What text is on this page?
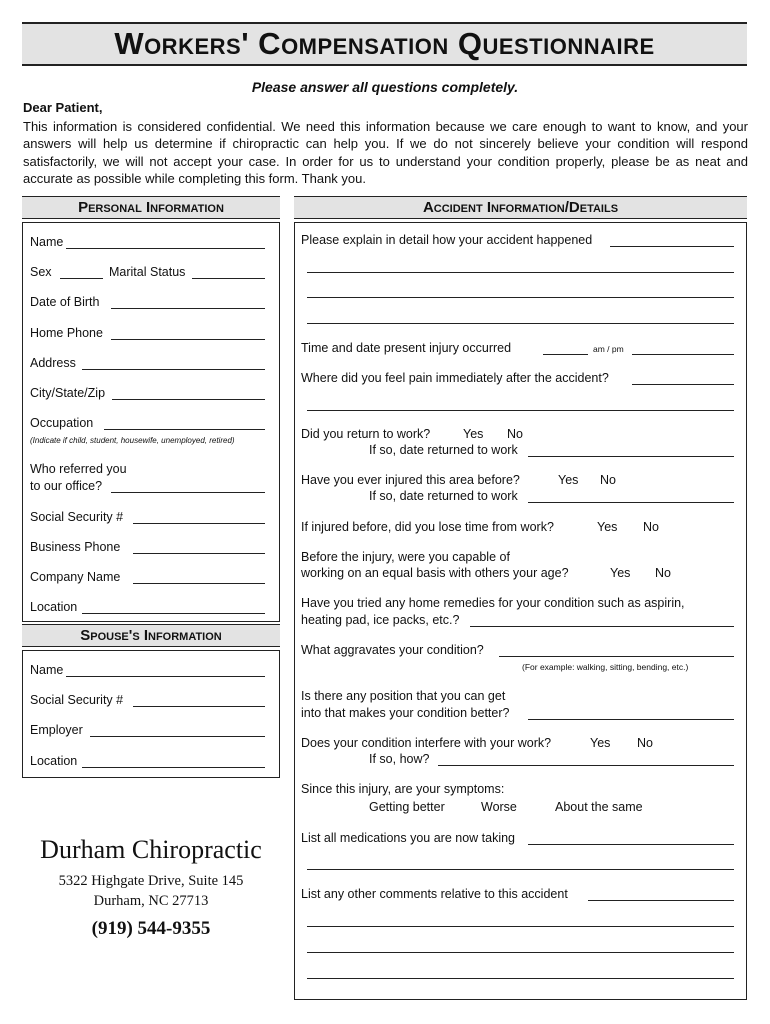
Workers' Compensation Questionnaire
Please answer all questions completely.
Dear Patient,
This information is considered confidential. We need this information because we care enough to want to know, and your answers will help us determine if chiropractic can help you. If we do not sincerely believe your condition will respond satisfactorily, we will not accept your case. In order for us to understand your condition properly, please be as neat and accurate as possible while completing this form. Thank you.
Personal Information
Name
Sex	Marital Status
Date of Birth
Home Phone
Address
City/State/Zip
Occupation
(Indicate if child, student, housewife, unemployed, retired)
Who referred you
to our office?
Social Security #
Business Phone
Company Name
Location
Spouse's Information
Name
Social Security #
Employer
Location
Durham Chiropractic
5322 Highgate Drive, Suite 145
Durham, NC 27713
(919) 544-9355
Accident Information/Details
Please explain in detail how your accident happened
Time and date present injury occurred	am / pm
Where did you feel pain immediately after the accident?
Did you return to work?	Yes No
If so, date returned to work
Have you ever injured this area before?	Yes No
If so, date returned to work
If injured before, did you lose time from work?	Yes No
Before the injury, were you capable of
working on an equal basis with others your age?	Yes No
Have you tried any home remedies for your condition such as aspirin,
heating pad, ice packs, etc.?
What aggravates your condition?
(For example: walking, sitting, bending, etc.)
Is there any position that you can get
into that makes your condition better?
Does your condition interfere with your work?	Yes No
If so, how?
Since this injury, are your symptoms:
Getting better	Worse	About the same
List all medications you are now taking
List any other comments relative to this accident
